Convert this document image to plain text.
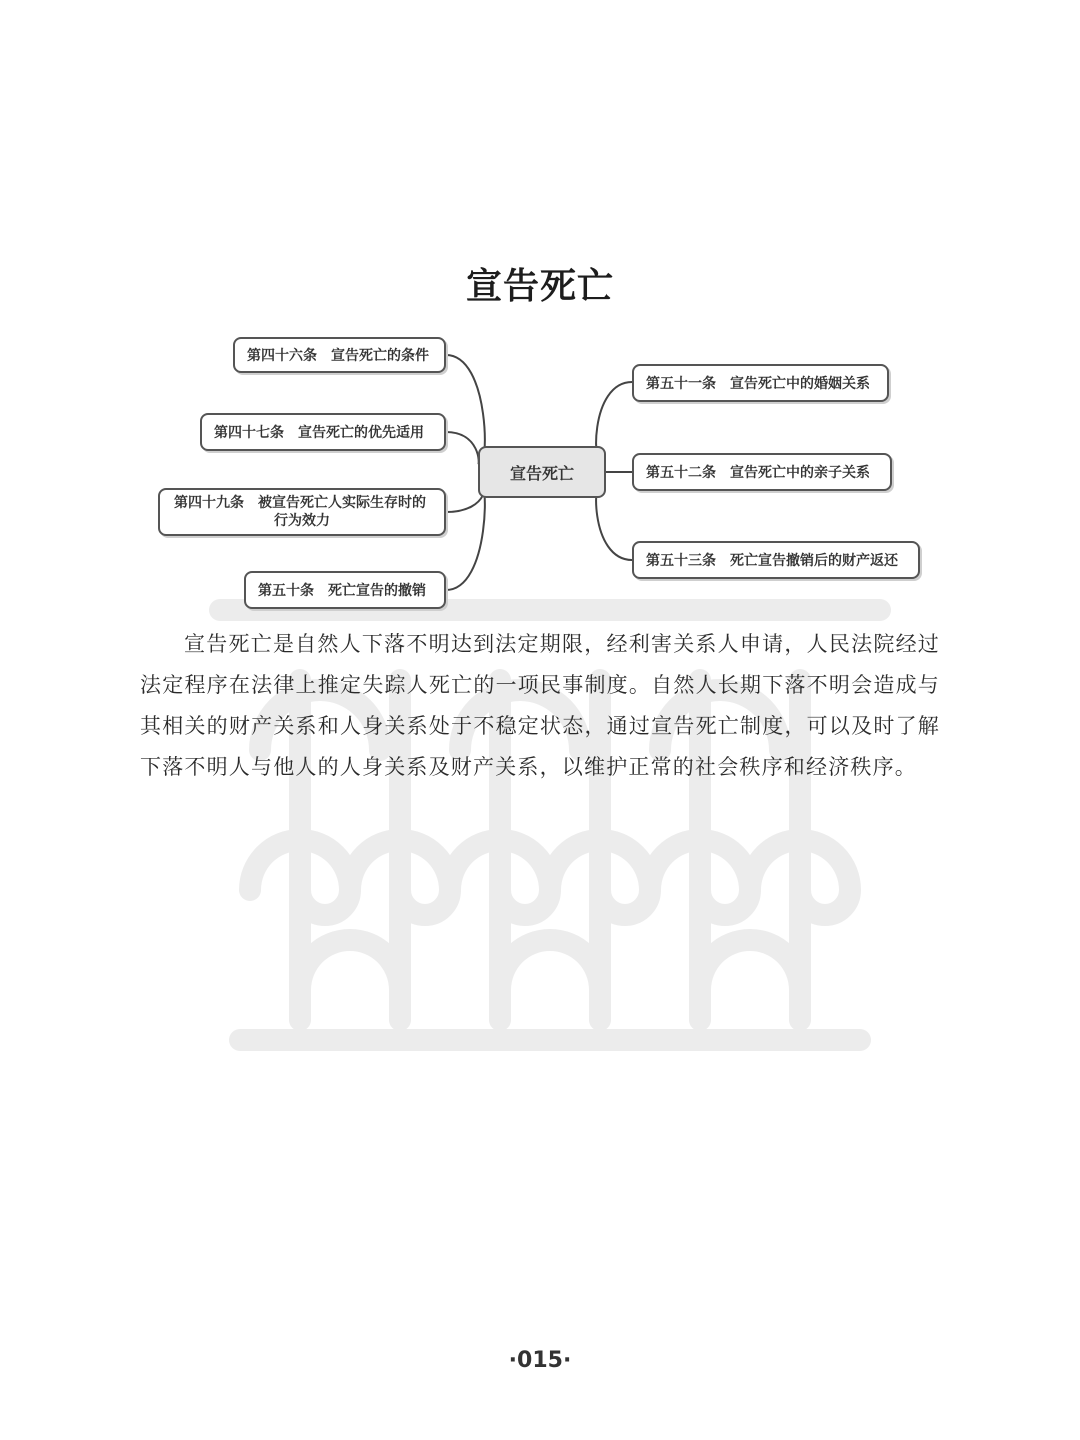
宣告死亡
第四十六条　宣告死亡的条件
第四十七条　宣告死亡的优先适用
第四十九条　被宣告死亡人实际生存时的
行为效力
第五十条　死亡宣告的撤销
宣告死亡
第五十一条　宣告死亡中的婚姻关系
第五十二条　宣告死亡中的亲子关系
第五十三条　死亡宣告撤销后的财产返还

宣告死亡是自然人下落不明达到法定期限，经利害关系人申请，人民法院经过法定程序在法律上推定失踪人死亡的一项民事制度。自然人长期下落不明会造成与其相关的财产关系和人身关系处于不稳定状态，通过宣告死亡制度，可以及时了解下落不明人与他人的人身关系及财产关系，以维护正常的社会秩序和经济秩序。

·015·
